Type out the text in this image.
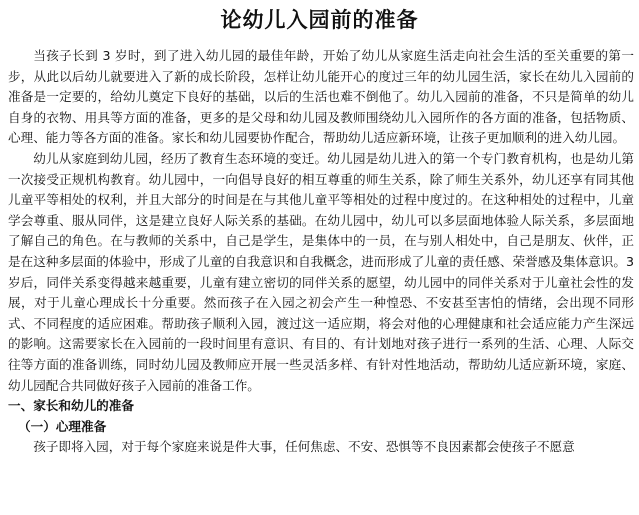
论幼儿入园前的准备

当孩子长到 3 岁时，到了进入幼儿园的最佳年龄，开始了幼儿从家庭生活走向社会生活的至关重要的第一步，从此以后幼儿就要进入了新的成长阶段，怎样让幼儿能开心的度过三年的幼儿园生活，家长在幼儿入园前的准备是一定要的，给幼儿奠定下良好的基础，以后的生活也难不倒他了。幼儿入园前的准备，不只是简单的幼儿自身的衣物、用具等方面的准备，更多的是父母和幼儿园及教师围绕幼儿入园所作的各方面的准备，包括物质、心理、能力等各方面的准备。家长和幼儿园要协作配合，帮助幼儿适应新环境，让孩子更加顺利的进入幼儿园。

幼儿从家庭到幼儿园，经历了教育生态环境的变迁。幼儿园是幼儿进入的第一个专门教育机构，也是幼儿第一次接受正规机构教育。幼儿园中，一向倡导良好的相互尊重的师生关系，除了师生关系外，幼儿还享有同其他儿童平等相处的权利，并且大部分的时间是在与其他儿童平等相处的过程中度过的。在这种相处的过程中，儿童学会尊重、服从同伴，这是建立良好人际关系的基础。在幼儿园中，幼儿可以多层面地体验人际关系，多层面地了解自己的角色。在与教师的关系中，自己是学生，是集体中的一员，在与别人相处中，自己是朋友、伙伴，正是在这种多层面的体验中，形成了儿童的自我意识和自我概念，进而形成了儿童的责任感、荣誉感及集体意识。3 岁后，同伴关系变得越来越重要，儿童有建立密切的同伴关系的愿望，幼儿园中的同伴关系对于儿童社会性的发展，对于儿童心理成长十分重要。然而孩子在入园之初会产生一种惶恐、不安甚至害怕的情绪，会出现不同形式、不同程度的适应困难。帮助孩子顺利入园，渡过这一适应期，将会对他的心理健康和社会适应能力产生深远的影响。这需要家长在入园前的一段时间里有意识、有目的、有计划地对孩子进行一系列的生活、心理、人际交往等方面的准备训练，同时幼儿园及教师应开展一些灵活多样、有针对性地活动，帮助幼儿适应新环境，家庭、幼儿园配合共同做好孩子入园前的准备工作。

一、家长和幼儿的准备

（一）心理准备

孩子即将入园，对于每个家庭来说是件大事，任何焦虑、不安、恐惧等不良因素都会使孩子不愿意
